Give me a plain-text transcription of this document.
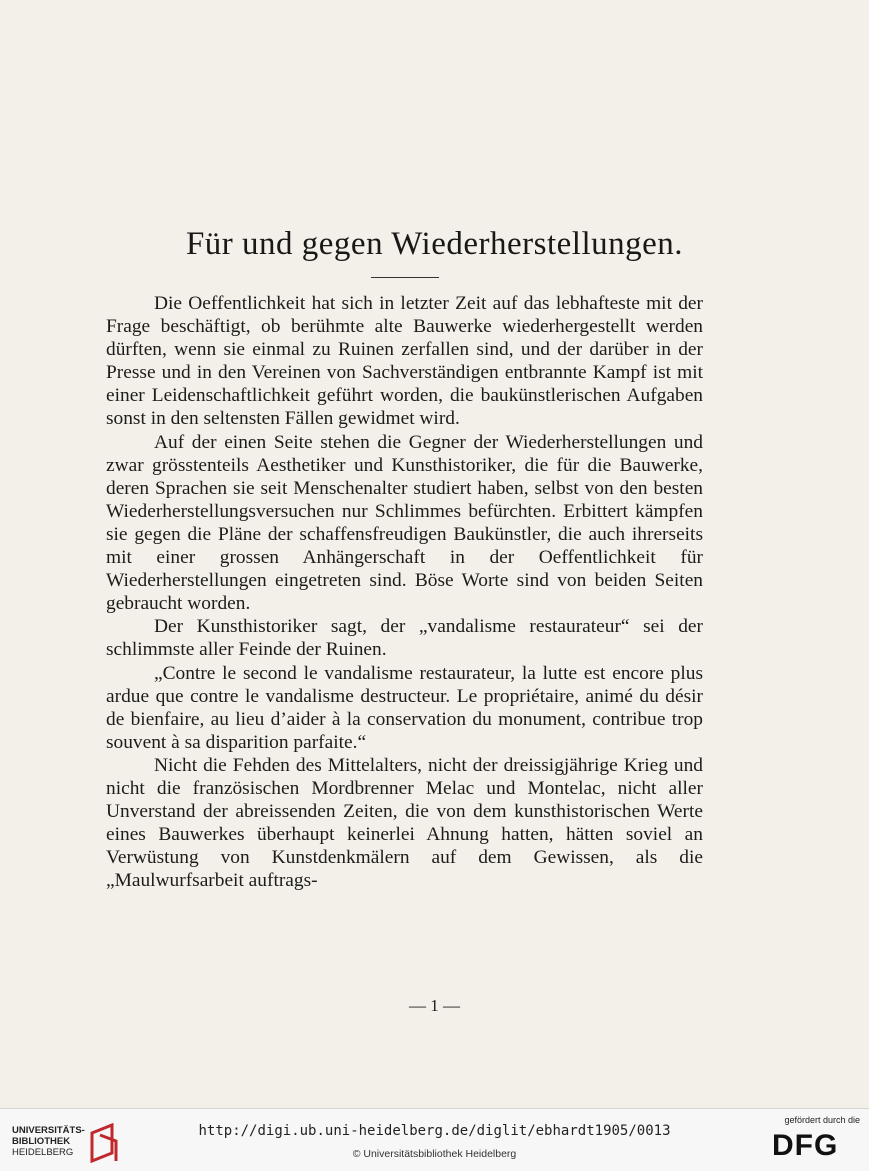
Für und gegen Wiederherstellungen.

Die Oeffentlichkeit hat sich in letzter Zeit auf das lebhafteste mit der Frage beschäftigt, ob berühmte alte Bauwerke wiederhergestellt werden dürften, wenn sie einmal zu Ruinen zerfallen sind, und der darüber in der Presse und in den Vereinen von Sachverständigen entbrannte Kampf ist mit einer Leidenschaftlichkeit geführt worden, die baukünstlerischen Aufgaben sonst in den seltensten Fällen gewidmet wird.

Auf der einen Seite stehen die Gegner der Wiederherstellungen und zwar grösstenteils Aesthetiker und Kunsthistoriker, die für die Bauwerke, deren Sprachen sie seit Menschenalter studiert haben, selbst von den besten Wiederherstellungsversuchen nur Schlimmes befürchten. Erbittert kämpfen sie gegen die Pläne der schaffensfreudigen Baukünstler, die auch ihrerseits mit einer grossen Anhängerschaft in der Oeffentlichkeit für Wiederherstellungen eingetreten sind. Böse Worte sind von beiden Seiten gebraucht worden.

Der Kunsthistoriker sagt, der „vandalisme restaurateur“ sei der schlimmste aller Feinde der Ruinen.

„Contre le second le vandalisme restaurateur, la lutte est encore plus ardue que contre le vandalisme destructeur. Le propriétaire, animé du désir de bienfaire, au lieu d’aider à la conservation du monument, contribue trop souvent à sa disparition parfaite.“

Nicht die Fehden des Mittelalters, nicht der dreissigjährige Krieg und nicht die französischen Mordbrenner Melac und Montelac, nicht aller Unverstand der abreissenden Zeiten, die von dem kunsthistorischen Werte eines Bauwerkes überhaupt keinerlei Ahnung hatten, hätten soviel an Verwüstung von Kunstdenkmälern auf dem Gewissen, als die „Maulwurfsarbeit auftrags-

— 1 —
UNIVERSITÄTS-
BIBLIOTHEK
HEIDELBERG
http://digi.ub.uni-heidelberg.de/diglit/ebhardt1905/0013
© Universitätsbibliothek Heidelberg
gefördert durch die
DFG
